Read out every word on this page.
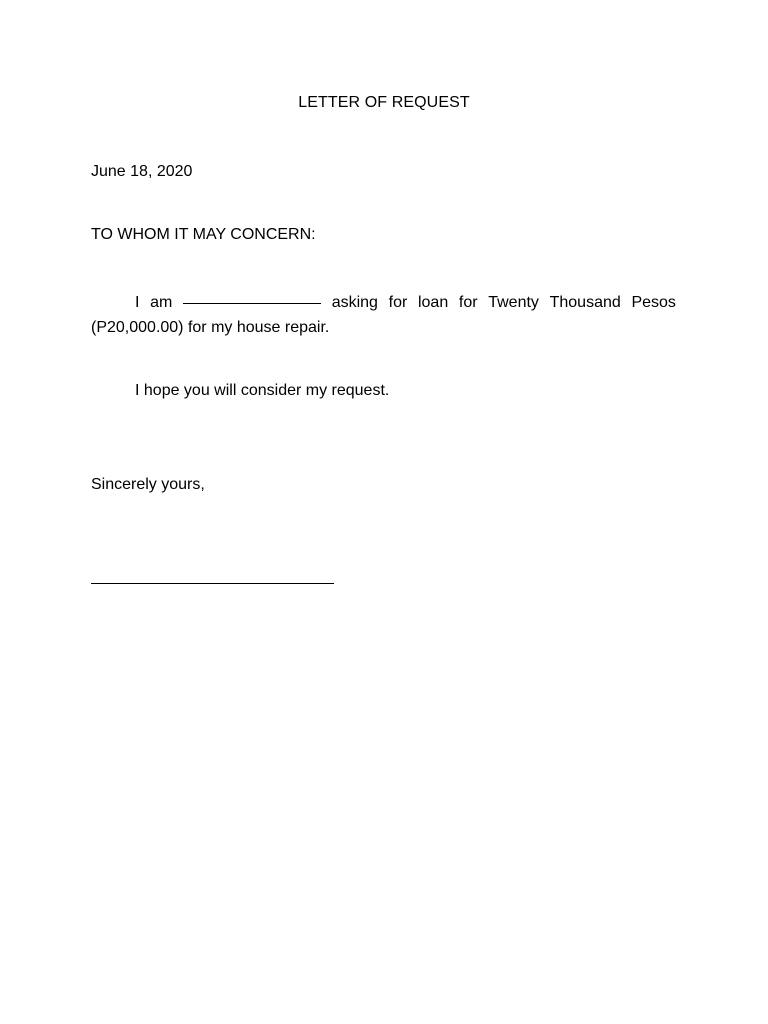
LETTER OF REQUEST
June 18, 2020
TO WHOM IT MAY CONCERN:
I am	asking for loan for Twenty Thousand Pesos
(P20,000.00) for my house repair.
I hope you will consider my request.
Sincerely yours,
